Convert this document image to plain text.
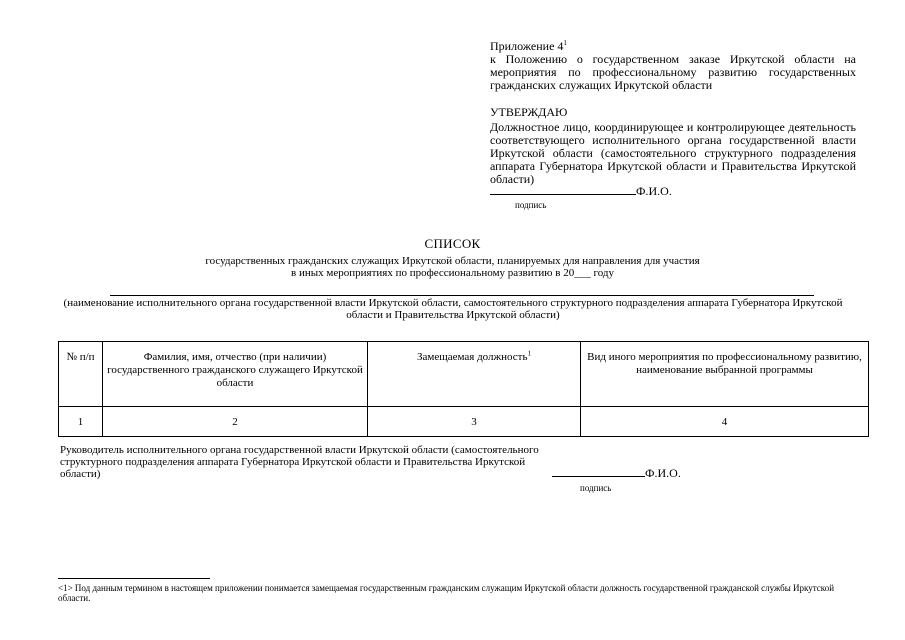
Приложение $4^1$
к Положению о государственном заказе Иркутской области на мероприятия по профессиональному развитию государственных гражданских служащих Иркутской области
УТВЕРЖДАЮ
Должностное лицо, координирующее и контролирующее деятельность соответствующего исполнительного органа государственной власти Иркутской области (самостоятельного структурного подразделения аппарата Губернатора Иркутской области и Правительства Иркутской области)
Ф.И.О.
подпись
СПИСОК
государственных гражданских служащих Иркутской области, планируемых для направления для участия
в иных мероприятиях по профессиональному развитию в 20___ году
(наименование исполнительного органа государственной власти Иркутской области, самостоятельного структурного подразделения аппарата Губернатора Иркутской области и Правительства Иркутской области)
№ п/п	Фамилия, имя, отчество (при наличии) государственного гражданского служащего Иркутской области	Замещаемая должность$^1$	Вид иного мероприятия по профессиональному развитию, наименование выбранной программы
1	2	3	4
Руководитель исполнительного органа государственной власти Иркутской области (самостоятельного структурного подразделения аппарата Губернатора Иркутской области и Правительства Иркутской области)	Ф.И.О.
подпись
<1> Под данным термином в настоящем приложении понимается замещаемая государственным гражданским служащим Иркутской области должность государственной гражданской службы Иркутской области.
